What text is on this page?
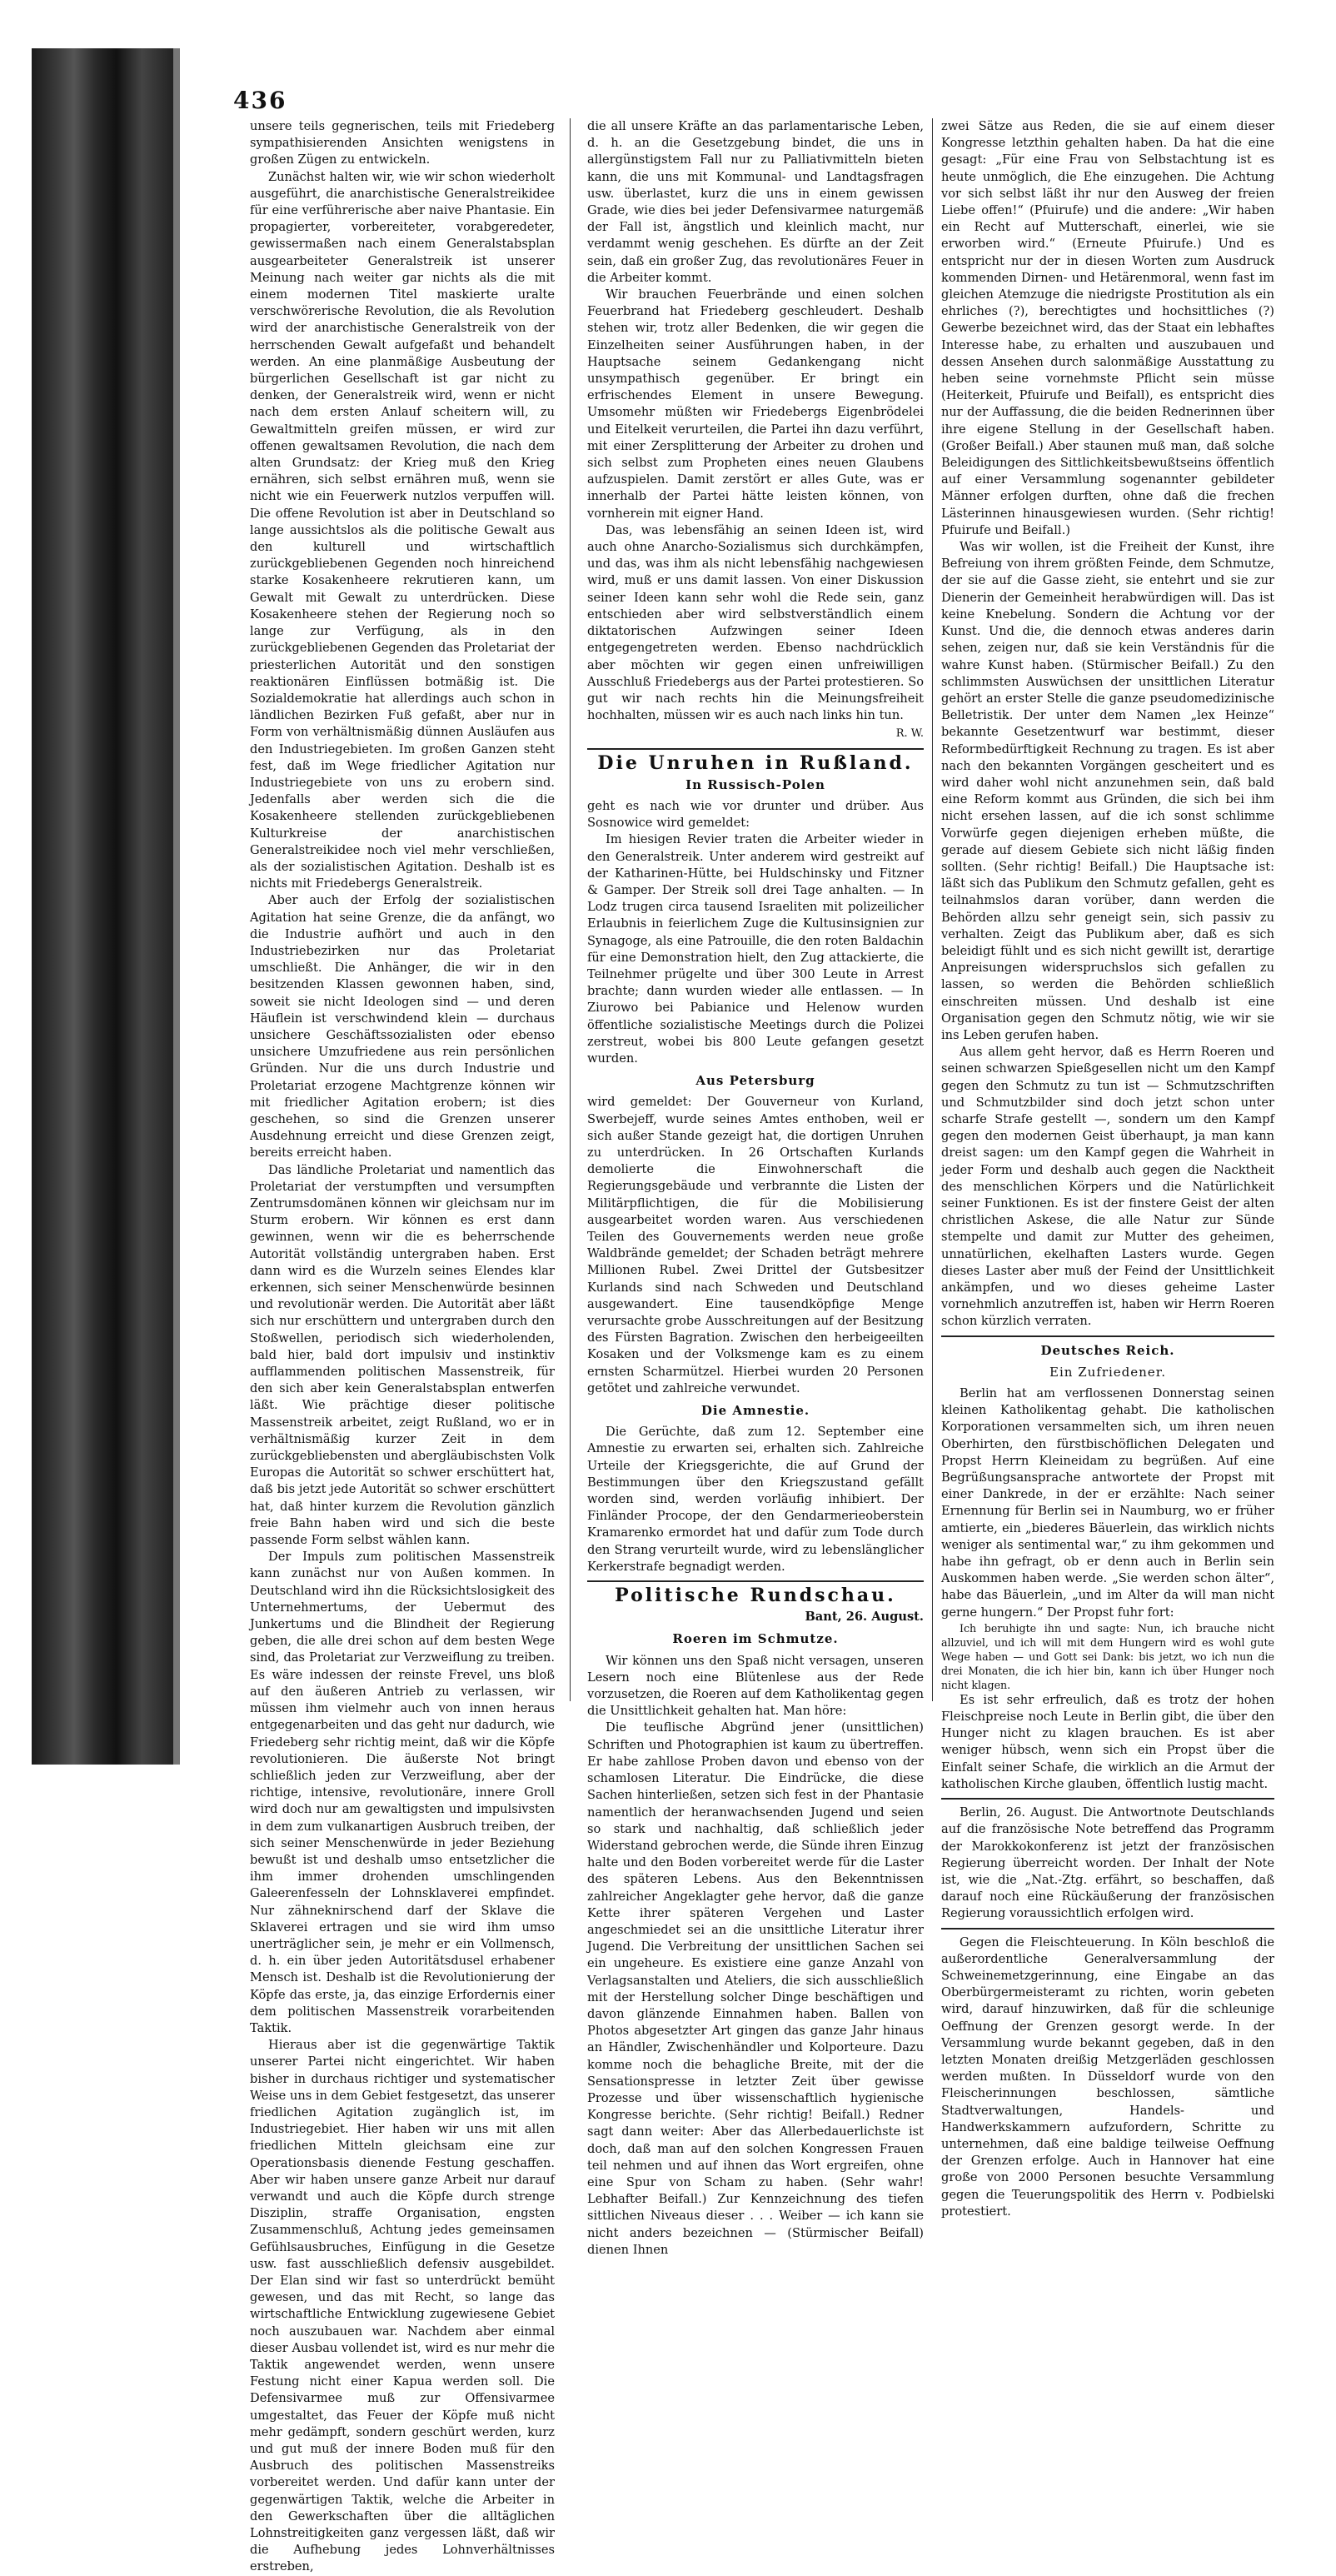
436

unsere teils gegnerischen, teils mit Friedeberg sympathisierenden Ansichten wenigstens in großen Zügen zu entwickeln.

Zunächst halten wir, wie wir schon wiederholt ausgeführt, die anarchistische Generalstreikidee für eine verführerische aber naive Phantasie. Ein propagierter, vorbereiteter, vorabgeredeter, gewissermaßen nach einem Generalstabsplan ausgearbeiteter Generalstreik ist unserer Meinung nach weiter gar nichts als die mit einem modernen Titel maskierte uralte verschwörerische Revolution, die als Revolution wird der anarchistische Generalstreik von der herrschenden Gewalt aufgefaßt und behandelt werden. An eine planmäßige Ausbeutung der bürgerlichen Gesellschaft ist gar nicht zu denken, der Generalstreik wird, wenn er nicht nach dem ersten Anlauf scheitern will, zu Gewaltmitteln greifen müssen, er wird zur offenen gewaltsamen Revolution, die nach dem alten Grundsatz: der Krieg muß den Krieg ernähren, sich selbst ernähren muß, wenn sie nicht wie ein Feuerwerk nutzlos verpuffen will. Die offene Revolution ist aber in Deutschland so lange aussichtslos als die politische Gewalt aus den kulturell und wirtschaftlich zurückgebliebenen Gegenden noch hinreichend starke Kosakenheere rekrutieren kann, um Gewalt mit Gewalt zu unterdrücken. Diese Kosakenheere stehen der Regierung noch so lange zur Verfügung, als in den zurückgebliebenen Gegenden das Proletariat der priesterlichen Autorität und den sonstigen reaktionären Einflüssen botmäßig ist. Die Sozialdemokratie hat allerdings auch schon in ländlichen Bezirken Fuß gefaßt, aber nur in Form von verhältnismäßig dünnen Ausläufen aus den Industriegebieten. Im großen Ganzen steht fest, daß im Wege friedlicher Agitation nur Industriegebiete von uns zu erobern sind. Jedenfalls aber werden sich die die Kosakenheere stellenden zurückgebliebenen Kulturkreise der anarchistischen Generalstreikidee noch viel mehr verschließen, als der sozialistischen Agitation. Deshalb ist es nichts mit Friedebergs Generalstreik.

Aber auch der Erfolg der sozialistischen Agitation hat seine Grenze, die da anfängt, wo die Industrie aufhört und auch in den Industriebezirken nur das Proletariat umschließt. Die Anhänger, die wir in den besitzenden Klassen gewonnen haben, sind, soweit sie nicht Ideologen sind — und deren Häuflein ist verschwindend klein — durchaus unsichere Geschäftssozialisten oder ebenso unsichere Umzufriedene aus rein persönlichen Gründen. Nur die uns durch Industrie und Proletariat erzogene Machtgrenze können wir mit friedlicher Agitation erobern; ist dies geschehen, so sind die Grenzen unserer Ausdehnung erreicht und diese Grenzen zeigt, bereits erreicht haben.

Das ländliche Proletariat und namentlich das Proletariat der verstumpften und versumpften Zentrumsdomänen können wir gleichsam nur im Sturm erobern. Wir können es erst dann gewinnen, wenn wir die es beherrschende Autorität vollständig untergraben haben. Erst dann wird es die Wurzeln seines Elendes klar erkennen, sich seiner Menschenwürde besinnen und revolutionär werden. Die Autorität aber läßt sich nur erschüttern und untergraben durch den Stoßwellen, periodisch sich wiederholenden, bald hier, bald dort impulsiv und instinktiv aufflammenden politischen Massenstreik, für den sich aber kein Generalstabsplan entwerfen läßt. Wie prächtige dieser politische Massenstreik arbeitet, zeigt Rußland, wo er in verhältnismäßig kurzer Zeit in dem zurückgebliebensten und abergläubischsten Volk Europas die Autorität so schwer erschüttert hat, daß bis jetzt jede Autorität so schwer erschüttert hat, daß hinter kurzem die Revolution gänzlich freie Bahn haben wird und sich die beste passende Form selbst wählen kann.

Der Impuls zum politischen Massenstreik kann zunächst nur von Außen kommen. In Deutschland wird ihn die Rücksichtslosigkeit des Unternehmertums, der Uebermut des Junkertums und die Blindheit der Regierung geben, die alle drei schon auf dem besten Wege sind, das Proletariat zur Verzweiflung zu treiben. Es wäre indessen der reinste Frevel, uns bloß auf den äußeren Antrieb zu verlassen, wir müssen ihm vielmehr auch von innen heraus entgegenarbeiten und das geht nur dadurch, wie Friedeberg sehr richtig meint, daß wir die Köpfe revolutionieren. Die äußerste Not bringt schließlich jeden zur Verzweiflung, aber der richtige, intensive, revolutionäre, innere Groll wird doch nur am gewaltigsten und impulsivsten in dem zum vulkanartigen Ausbruch treiben, der sich seiner Menschenwürde in jeder Beziehung bewußt ist und deshalb umso entsetzlicher die ihm immer drohenden umschlingenden Galeerenfesseln der Lohnsklaverei empfindet. Nur zähneknirschend darf der Sklave die Sklaverei ertragen und sie wird ihm umso unerträglicher sein, je mehr er ein Vollmensch, d. h. ein über jeden Autoritätsdusel erhabener Mensch ist. Deshalb ist die Revolutionierung der Köpfe das erste, ja, das einzige Erfordernis einer dem politischen Massenstreik vorarbeitenden Taktik.

Hieraus aber ist die gegenwärtige Taktik unserer Partei nicht eingerichtet. Wir haben bisher in durchaus richtiger und systematischer Weise uns in dem Gebiet festgesetzt, das unserer friedlichen Agitation zugänglich ist, im Industriegebiet. Hier haben wir uns mit allen friedlichen Mitteln gleichsam eine zur Operationsbasis dienende Festung geschaffen. Aber wir haben unsere ganze Arbeit nur darauf verwandt und auch die Köpfe durch strenge Disziplin, straffe Organisation, engsten Zusammenschluß, Achtung jedes gemeinsamen Gefühlsausbruches, Einfügung in die Gesetze usw. fast ausschließlich defensiv ausgebildet. Der Elan sind wir fast so unterdrückt bemüht gewesen, und das mit Recht, so lange das wirtschaftliche Entwicklung zugewiesene Gebiet noch auszubauen war. Nachdem aber einmal dieser Ausbau vollendet ist, wird es nur mehr die Taktik angewendet werden, wenn unsere Festung nicht einer Kapua werden soll. Die Defensivarmee muß zur Offensivarmee umgestaltet, das Feuer der Köpfe muß nicht mehr gedämpft, sondern geschürt werden, kurz und gut muß der innere Boden muß für den Ausbruch des politischen Massenstreiks vorbereitet werden. Und dafür kann unter der gegenwärtigen Taktik, welche die Arbeiter in den Gewerkschaften über die alltäglichen Lohnstreitigkeiten ganz vergessen läßt, daß wir die Aufhebung jedes Lohnverhältnisses erstreben,

die all unsere Kräfte an das parlamentarische Leben, d. h. an die Gesetzgebung bindet, die uns in allergünstigstem Fall nur zu Palliativmitteln bieten kann, die uns mit Kommunal- und Landtagsfragen usw. überlastet, kurz die uns in einem gewissen Grade, wie dies bei jeder Defensivarmee naturgemäß der Fall ist, ängstlich und kleinlich macht, nur verdammt wenig geschehen. Es dürfte an der Zeit sein, daß ein großer Zug, das revolutionäres Feuer in die Arbeiter kommt.

Wir brauchen Feuerbrände und einen solchen Feuerbrand hat Friedeberg geschleudert. Deshalb stehen wir, trotz aller Bedenken, die wir gegen die Einzelheiten seiner Ausführungen haben, in der Hauptsache seinem Gedankengang nicht unsympathisch gegenüber. Er bringt ein erfrischendes Element in unsere Bewegung. Umsomehr müßten wir Friedebergs Eigenbrödelei und Eitelkeit verurteilen, die Partei ihn dazu verführt, mit einer Zersplitterung der Arbeiter zu drohen und sich selbst zum Propheten eines neuen Glaubens aufzuspielen. Damit zerstört er alles Gute, was er innerhalb der Partei hätte leisten können, von vornherein mit eigner Hand.

Das, was lebensfähig an seinen Ideen ist, wird auch ohne Anarcho-Sozialismus sich durchkämpfen, und das, was ihm als nicht lebensfähig nachgewiesen wird, muß er uns damit lassen. Von einer Diskussion seiner Ideen kann sehr wohl die Rede sein, ganz entschieden aber wird selbstverständlich einem diktatorischen Aufzwingen seiner Ideen entgegengetreten werden. Ebenso nachdrücklich aber möchten wir gegen einen unfreiwilligen Ausschluß Friedebergs aus der Partei protestieren. So gut wir nach rechts hin die Meinungsfreiheit hochhalten, müssen wir es auch nach links hin tun.

R. W.
Die Unruhen in Rußland.
In Russisch-Polen

geht es nach wie vor drunter und drüber. Aus Sosnowice wird gemeldet:

Im hiesigen Revier traten die Arbeiter wieder in den Generalstreik. Unter anderem wird gestreikt auf der Katharinen-Hütte, bei Huldschinsky und Fitzner & Gamper. Der Streik soll drei Tage anhalten. — In Lodz trugen circa tausend Israeliten mit polizeilicher Erlaubnis in feierlichem Zuge die Kultusinsignien zur Synagoge, als eine Patrouille, die den roten Baldachin für eine Demonstration hielt, den Zug attackierte, die Teilnehmer prügelte und über 300 Leute in Arrest brachte; dann wurden wieder alle entlassen. — In Ziurowo bei Pabianice und Helenow wurden öffentliche sozialistische Meetings durch die Polizei zerstreut, wobei bis 800 Leute gefangen gesetzt wurden.

Aus Petersburg

wird gemeldet: Der Gouverneur von Kurland, Swerbejeff, wurde seines Amtes enthoben, weil er sich außer Stande gezeigt hat, die dortigen Unruhen zu unterdrücken. In 26 Ortschaften Kurlands demolierte die Einwohnerschaft die Regierungsgebäude und verbrannte die Listen der Militärpflichtigen, die für die Mobilisierung ausgearbeitet worden waren. Aus verschiedenen Teilen des Gouvernements werden neue große Waldbrände gemeldet; der Schaden beträgt mehrere Millionen Rubel. Zwei Drittel der Gutsbesitzer Kurlands sind nach Schweden und Deutschland ausgewandert. Eine tausendköpfige Menge verursachte grobe Ausschreitungen auf der Besitzung des Fürsten Bagration. Zwischen den herbeigeeilten Kosaken und der Volksmenge kam es zu einem ernsten Scharmützel. Hierbei wurden 20 Personen getötet und zahlreiche verwundet.

Die Amnestie.

Die Gerüchte, daß zum 12. September eine Amnestie zu erwarten sei, erhalten sich. Zahlreiche Urteile der Kriegsgerichte, die auf Grund der Bestimmungen über den Kriegszustand gefällt worden sind, werden vorläufig inhibiert. Der Finländer Procope, der den Gendarmerieoberstein Kramarenko ermordet hat und dafür zum Tode durch den Strang verurteilt wurde, wird zu lebenslänglicher Kerkerstrafe begnadigt werden.

Politische Rundschau.
Bant, 26. August.
Roeren im Schmutze.

Wir können uns den Spaß nicht versagen, unseren Lesern noch eine Blütenlese aus der Rede vorzusetzen, die Roeren auf dem Katholikentag gegen die Unsittlichkeit gehalten hat. Man höre:

Die teuflische Abgründ jener (unsittlichen) Schriften und Photographien ist kaum zu übertreffen. Er habe zahllose Proben davon und ebenso von der schamlosen Literatur. Die Eindrücke, die diese Sachen hinterließen, setzen sich fest in der Phantasie namentlich der heranwachsenden Jugend und seien so stark und nachhaltig, daß schließlich jeder Widerstand gebrochen werde, die Sünde ihren Einzug halte und den Boden vorbereitet werde für die Laster des späteren Lebens. Aus den Bekenntnissen zahlreicher Angeklagter gehe hervor, daß die ganze Kette ihrer späteren Vergehen und Laster angeschmiedet sei an die unsittliche Literatur ihrer Jugend. Die Verbreitung der unsittlichen Sachen sei ein ungeheure. Es existiere eine ganze Anzahl von Verlagsanstalten und Ateliers, die sich ausschließlich mit der Herstellung solcher Dinge beschäftigen und davon glänzende Einnahmen haben. Ballen von Photos abgesetzter Art gingen das ganze Jahr hinaus an Händler, Zwischenhändler und Kolporteure. Dazu komme noch die behagliche Breite, mit der die Sensationspresse in letzter Zeit über gewisse Prozesse und über wissenschaftlich hygienische Kongresse berichte. (Sehr richtig! Beifall.) Redner sagt dann weiter: Aber das Allerbedauerlichste ist doch, daß man auf den solchen Kongressen Frauen teil nehmen und auf ihnen das Wort ergreifen, ohne eine Spur von Scham zu haben. (Sehr wahr! Lebhafter Beifall.) Zur Kennzeichnung des tiefen sittlichen Niveaus dieser . . . Weiber — ich kann sie nicht anders bezeichnen — (Stürmischer Beifall) dienen Ihnen

zwei Sätze aus Reden, die sie auf einem dieser Kongresse letzthin gehalten haben. Da hat die eine gesagt: „Für eine Frau von Selbstachtung ist es heute unmöglich, die Ehe einzugehen. Die Achtung vor sich selbst läßt ihr nur den Ausweg der freien Liebe offen!“ (Pfuirufe) und die andere: „Wir haben ein Recht auf Mutterschaft, einerlei, wie sie erworben wird.“ (Erneute Pfuirufe.) Und es entspricht nur der in diesen Worten zum Ausdruck kommenden Dirnen- und Hetärenmoral, wenn fast im gleichen Atemzuge die niedrigste Prostitution als ein ehrliches (?), berechtigtes und hochsittliches (?) Gewerbe bezeichnet wird, das der Staat ein lebhaftes Interesse habe, zu erhalten und auszubauen und dessen Ansehen durch salonmäßige Ausstattung zu heben seine vornehmste Pflicht sein müsse (Heiterkeit, Pfuirufe und Beifall), es entspricht dies nur der Auffassung, die die beiden Rednerinnen über ihre eigene Stellung in der Gesellschaft haben. (Großer Beifall.) Aber staunen muß man, daß solche Beleidigungen des Sittlichkeitsbewußtseins öffentlich auf einer Versammlung sogenannter gebildeter Männer erfolgen durften, ohne daß die frechen Lästerinnen hinausgewiesen wurden. (Sehr richtig! Pfuirufe und Beifall.)

Was wir wollen, ist die Freiheit der Kunst, ihre Befreiung von ihrem größten Feinde, dem Schmutze, der sie auf die Gasse zieht, sie entehrt und sie zur Dienerin der Gemeinheit herabwürdigen will. Das ist keine Knebelung. Sondern die Achtung vor der Kunst. Und die, die dennoch etwas anderes darin sehen, zeigen nur, daß sie kein Verständnis für die wahre Kunst haben. (Stürmischer Beifall.) Zu den schlimmsten Auswüchsen der unsittlichen Literatur gehört an erster Stelle die ganze pseudomedizinische Belletristik. Der unter dem Namen „lex Heinze“ bekannte Gesetzentwurf war bestimmt, dieser Reformbedürftigkeit Rechnung zu tragen. Es ist aber nach den bekannten Vorgängen gescheitert und es wird daher wohl nicht anzunehmen sein, daß bald eine Reform kommt aus Gründen, die sich bei ihm nicht ersehen lassen, auf die ich sonst schlimme Vorwürfe gegen diejenigen erheben müßte, die gerade auf diesem Gebiete sich nicht läßig finden sollten. (Sehr richtig! Beifall.) Die Hauptsache ist: läßt sich das Publikum den Schmutz gefallen, geht es teilnahmslos daran vorüber, dann werden die Behörden allzu sehr geneigt sein, sich passiv zu verhalten. Zeigt das Publikum aber, daß es sich beleidigt fühlt und es sich nicht gewillt ist, derartige Anpreisungen widerspruchslos sich gefallen zu lassen, so werden die Behörden schließlich einschreiten müssen. Und deshalb ist eine Organisation gegen den Schmutz nötig, wie wir sie ins Leben gerufen haben.

Aus allem geht hervor, daß es Herrn Roeren und seinen schwarzen Spießgesellen nicht um den Kampf gegen den Schmutz zu tun ist — Schmutzschriften und Schmutzbilder sind doch jetzt schon unter scharfe Strafe gestellt —, sondern um den Kampf gegen den modernen Geist überhaupt, ja man kann dreist sagen: um den Kampf gegen die Wahrheit in jeder Form und deshalb auch gegen die Nacktheit des menschlichen Körpers und die Natürlichkeit seiner Funktionen. Es ist der finstere Geist der alten christlichen Askese, die alle Natur zur Sünde stempelte und damit zur Mutter des geheimen, unnatürlichen, ekelhaften Lasters wurde. Gegen dieses Laster aber muß der Feind der Unsittlichkeit ankämpfen, und wo dieses geheime Laster vornehmlich anzutreffen ist, haben wir Herrn Roeren schon kürzlich verraten.

Deutsches Reich.
Ein Zufriedener.

Berlin hat am verflossenen Donnerstag seinen kleinen Katholikentag gehabt. Die katholischen Korporationen versammelten sich, um ihren neuen Oberhirten, den fürstbischöflichen Delegaten und Propst Herrn Kleineidam zu begrüßen. Auf eine Begrüßungsansprache antwortete der Propst mit einer Dankrede, in der er erzählte: Nach seiner Ernennung für Berlin sei in Naumburg, wo er früher amtierte, ein „biederes Bäuerlein, das wirklich nichts weniger als sentimental war,“ zu ihm gekommen und habe ihn gefragt, ob er denn auch in Berlin sein Auskommen haben werde. „Sie werden schon älter“, habe das Bäuerlein, „und im Alter da will man nicht gerne hungern.“ Der Propst fuhr fort:

Ich beruhigte ihn und sagte: Nun, ich brauche nicht allzuviel, und ich will mit dem Hungern wird es wohl gute Wege haben — und Gott sei Dank: bis jetzt, wo ich nun die drei Monaten, die ich hier bin, kann ich über Hunger noch nicht klagen.

Es ist sehr erfreulich, daß es trotz der hohen Fleischpreise noch Leute in Berlin gibt, die über den Hunger nicht zu klagen brauchen. Es ist aber weniger hübsch, wenn sich ein Propst über die Einfalt seiner Schafe, die wirklich an die Armut der katholischen Kirche glauben, öffentlich lustig macht.

Berlin, 26. August. Die Antwortnote Deutschlands auf die französische Note betreffend das Programm der Marokkokonferenz ist jetzt der französischen Regierung überreicht worden. Der Inhalt der Note ist, wie die „Nat.-Ztg. erfährt, so beschaffen, daß darauf noch eine Rückäußerung der französischen Regierung voraussichtlich erfolgen wird.

Gegen die Fleischteuerung. In Köln beschloß die außerordentliche Generalversammlung der Schweinemetzgerinnung, eine Eingabe an das Oberbürgermeisteramt zu richten, worin gebeten wird, darauf hinzuwirken, daß für die schleunige Oeffnung der Grenzen gesorgt werde. In der Versammlung wurde bekannt gegeben, daß in den letzten Monaten dreißig Metzgerläden geschlossen werden mußten. In Düsseldorf wurde von den Fleischerinnungen beschlossen, sämtliche Stadtverwaltungen, Handels- und Handwerkskammern aufzufordern, Schritte zu unternehmen, daß eine baldige teilweise Oeffnung der Grenzen erfolge. Auch in Hannover hat eine große von 2000 Personen besuchte Versammlung gegen die Teuerungspolitik des Herrn v. Podbielski protestiert.
